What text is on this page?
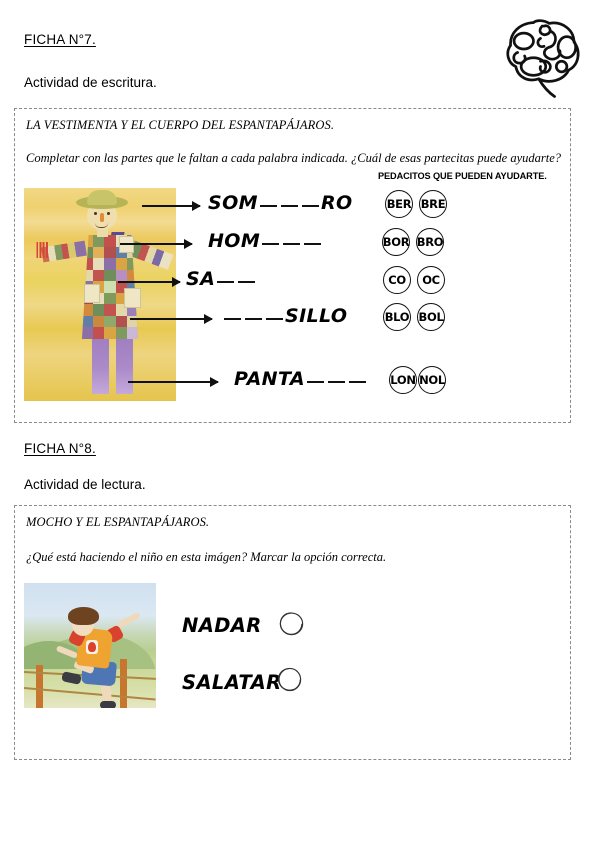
FICHA N°7.
Actividad de escritura.
LA VESTIMENTA Y EL CUERPO DEL ESPANTAPÁJAROS.
Completar con las partes que le faltan a cada palabra indicada. ¿Cuál de esas partecitas puede ayudarte?
PEDACITOS QUE PUEDEN AYUDARTE.
SOM	RO
HOM
SA
SILLO
PANTA
BER BRE
BOR BRO
CO	OC
BLO BOL
LON NOL
FICHA N°8.
Actividad de lectura.
MOCHO Y EL ESPANTAPÁJAROS.
¿Qué está haciendo el niño en esta imágen? Marcar la opción correcta.
NADAR
SALATAR
